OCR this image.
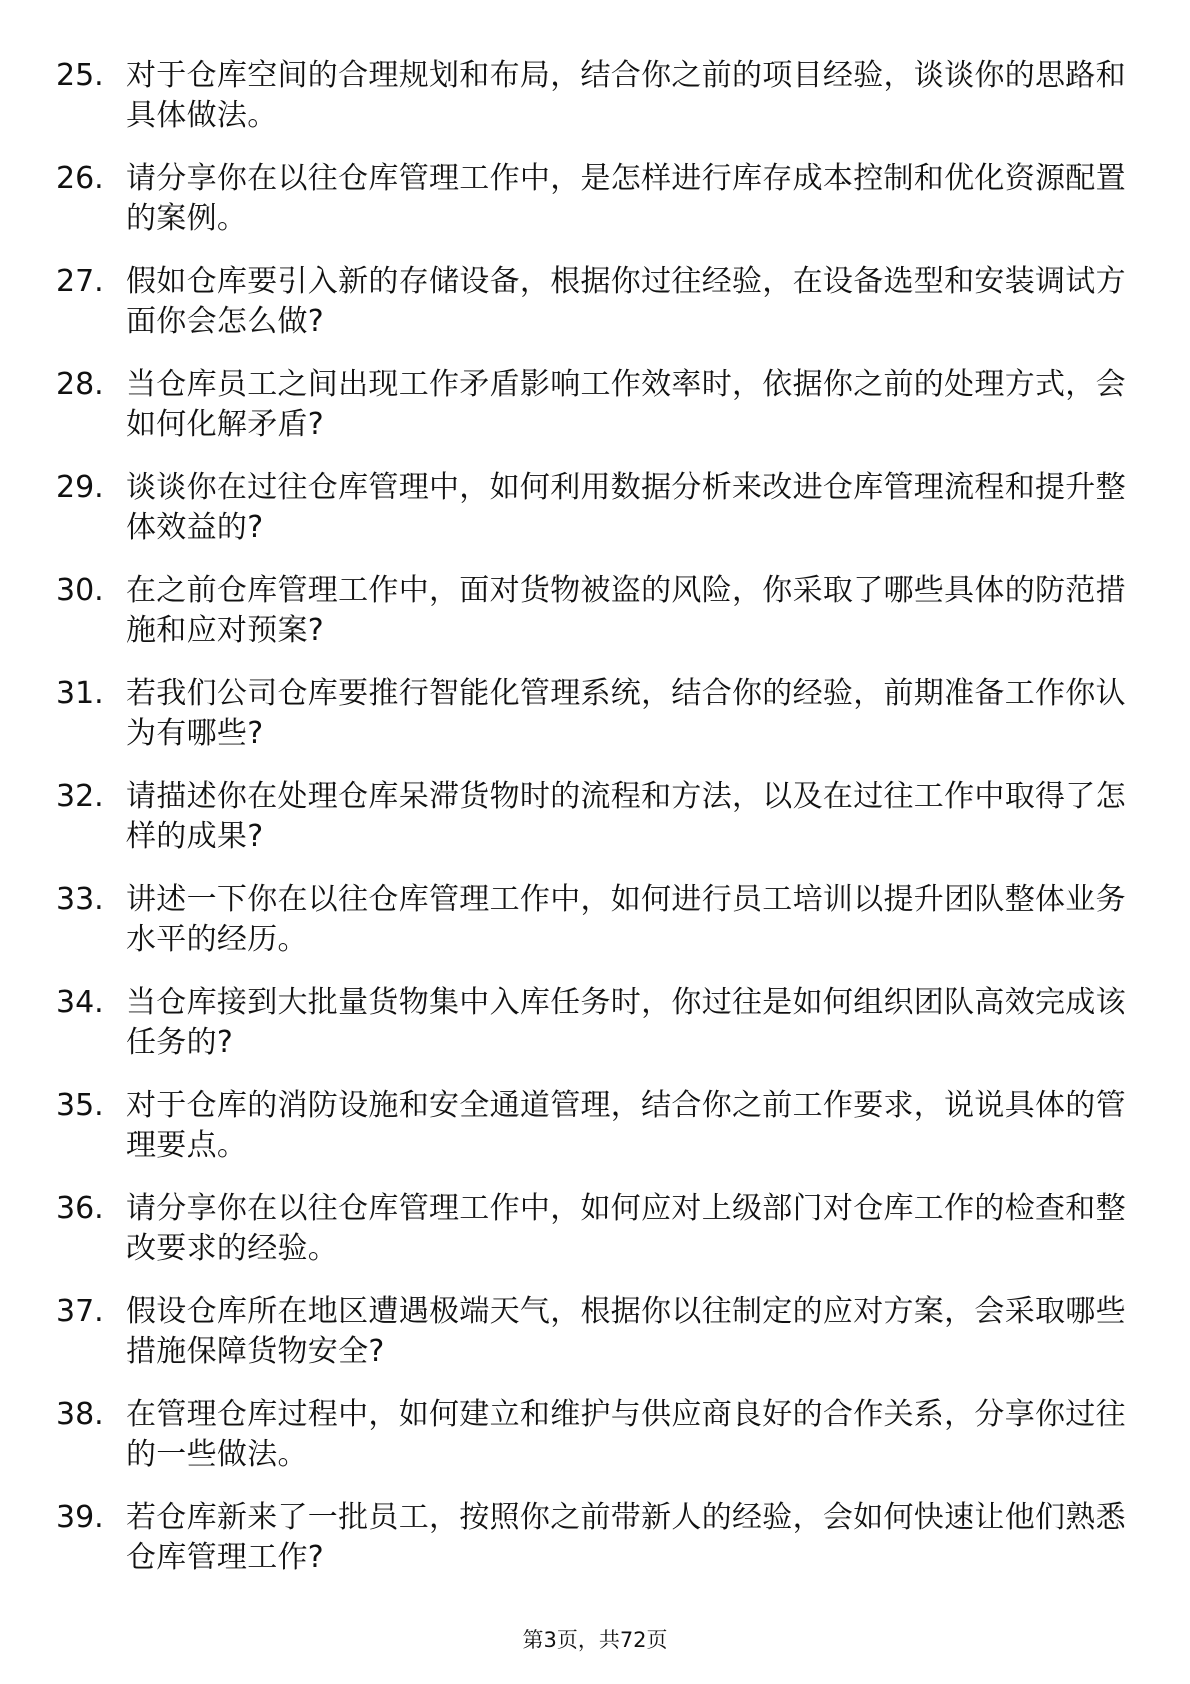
25. 对于仓库空间的合理规划和布局，结合你之前的项目经验，谈谈你的思路和具体做法。
26. 请分享你在以往仓库管理工作中，是怎样进行库存成本控制和优化资源配置的案例。
27. 假如仓库要引入新的存储设备，根据你过往经验，在设备选型和安装调试方面你会怎么做?
28. 当仓库员工之间出现工作矛盾影响工作效率时，依据你之前的处理方式，会如何化解矛盾?
29. 谈谈你在过往仓库管理中，如何利用数据分析来改进仓库管理流程和提升整体效益的?
30. 在之前仓库管理工作中，面对货物被盗的风险，你采取了哪些具体的防范措施和应对预案?
31. 若我们公司仓库要推行智能化管理系统，结合你的经验，前期准备工作你认为有哪些?
32. 请描述你在处理仓库呆滞货物时的流程和方法，以及在过往工作中取得了怎样的成果?
33. 讲述一下你在以往仓库管理工作中，如何进行员工培训以提升团队整体业务水平的经历。
34. 当仓库接到大批量货物集中入库任务时，你过往是如何组织团队高效完成该任务的?
35. 对于仓库的消防设施和安全通道管理，结合你之前工作要求，说说具体的管理要点。
36. 请分享你在以往仓库管理工作中，如何应对上级部门对仓库工作的检查和整改要求的经验。
37. 假设仓库所在地区遭遇极端天气，根据你以往制定的应对方案，会采取哪些措施保障货物安全?
38. 在管理仓库过程中，如何建立和维护与供应商良好的合作关系，分享你过往的一些做法。
39. 若仓库新来了一批员工，按照你之前带新人的经验，会如何快速让他们熟悉仓库管理工作?
第3页，共72页
